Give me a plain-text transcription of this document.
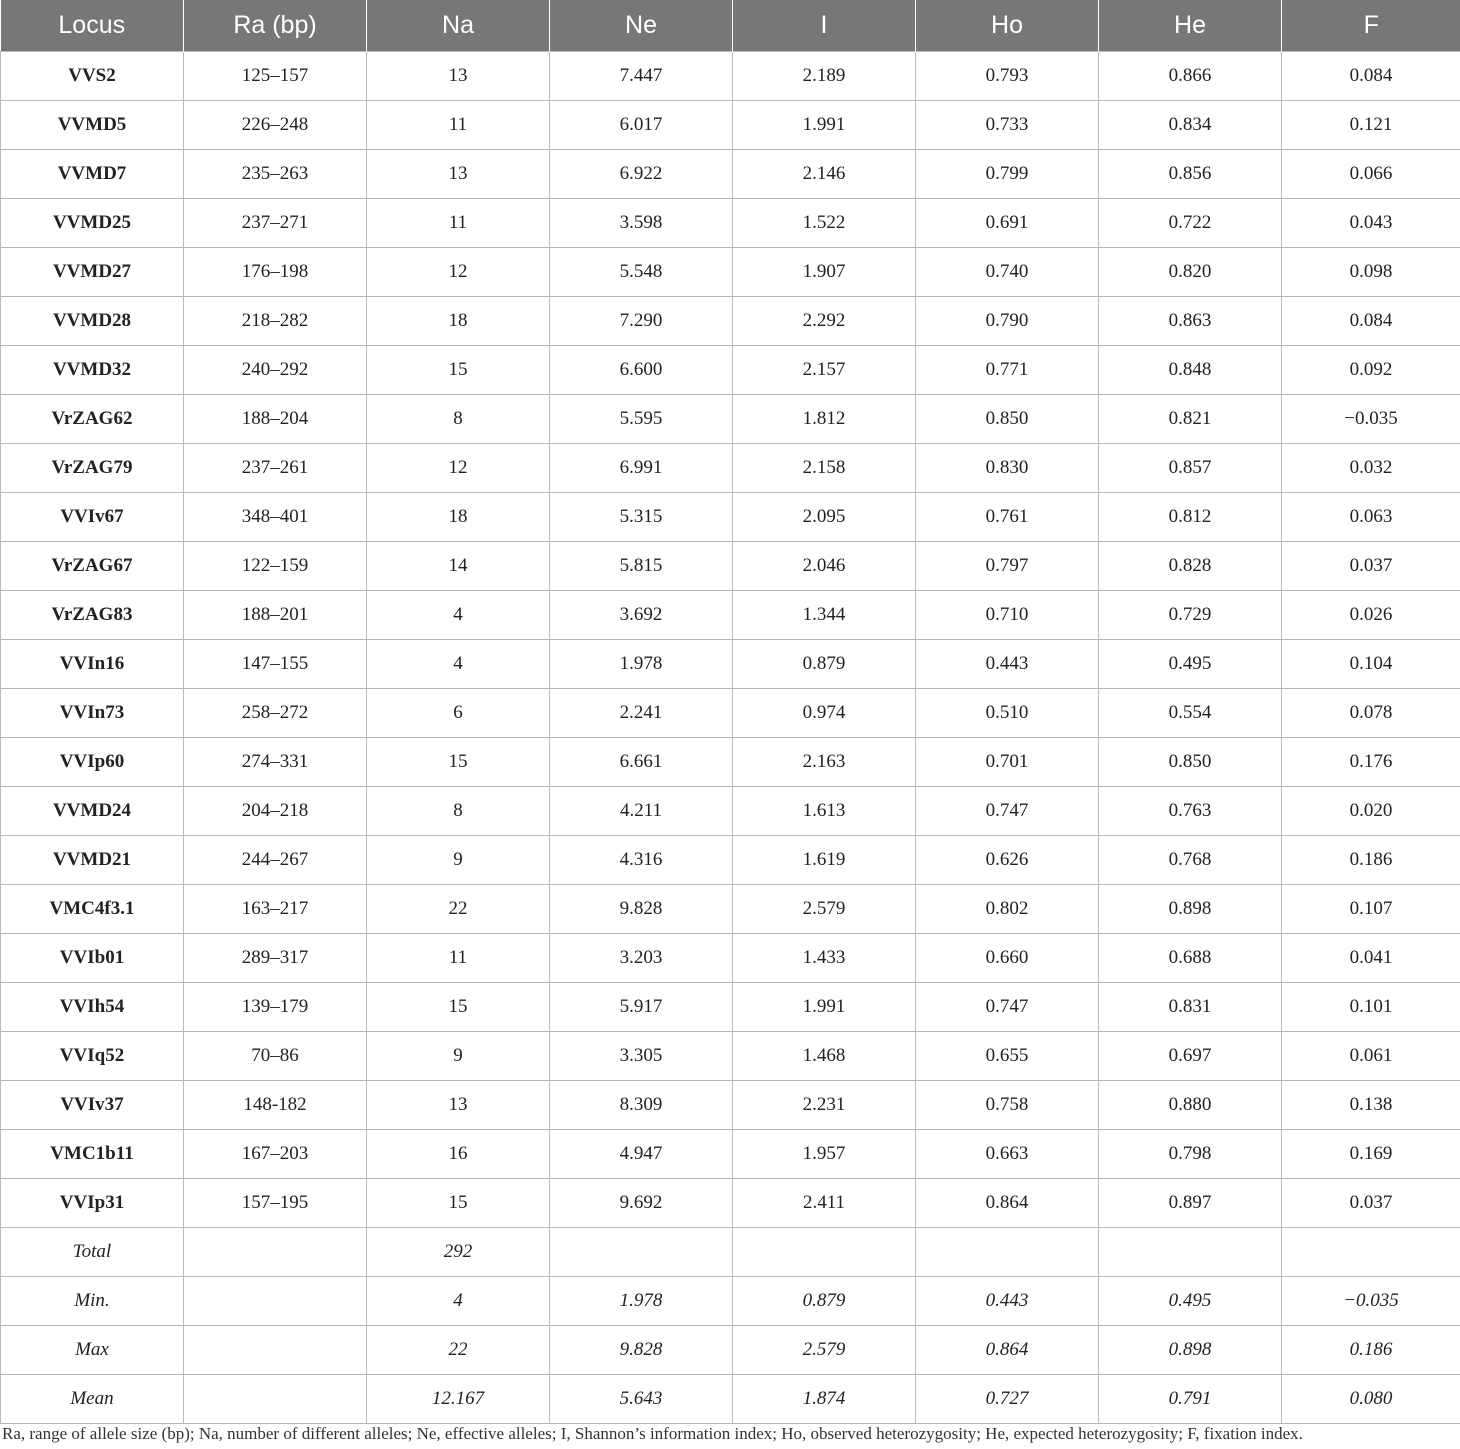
Locus	Ra (bp)	Na	Ne	I	Ho	He	F
VVS2	125–157	13	7.447	2.189	0.793	0.866	0.084
VVMD5	226–248	11	6.017	1.991	0.733	0.834	0.121
VVMD7	235–263	13	6.922	2.146	0.799	0.856	0.066
VVMD25	237–271	11	3.598	1.522	0.691	0.722	0.043
VVMD27	176–198	12	5.548	1.907	0.740	0.820	0.098
VVMD28	218–282	18	7.290	2.292	0.790	0.863	0.084
VVMD32	240–292	15	6.600	2.157	0.771	0.848	0.092
VrZAG62	188–204	8	5.595	1.812	0.850	0.821	−0.035
VrZAG79	237–261	12	6.991	2.158	0.830	0.857	0.032
VVIv67	348–401	18	5.315	2.095	0.761	0.812	0.063
VrZAG67	122–159	14	5.815	2.046	0.797	0.828	0.037
VrZAG83	188–201	4	3.692	1.344	0.710	0.729	0.026
VVIn16	147–155	4	1.978	0.879	0.443	0.495	0.104
VVIn73	258–272	6	2.241	0.974	0.510	0.554	0.078
VVIp60	274–331	15	6.661	2.163	0.701	0.850	0.176
VVMD24	204–218	8	4.211	1.613	0.747	0.763	0.020
VVMD21	244–267	9	4.316	1.619	0.626	0.768	0.186
VMC4f3.1	163–217	22	9.828	2.579	0.802	0.898	0.107
VVIb01	289–317	11	3.203	1.433	0.660	0.688	0.041
VVIh54	139–179	15	5.917	1.991	0.747	0.831	0.101
VVIq52	70–86	9	3.305	1.468	0.655	0.697	0.061
VVIv37	148-182	13	8.309	2.231	0.758	0.880	0.138
VMC1b11	167–203	16	4.947	1.957	0.663	0.798	0.169
VVIp31	157–195	15	9.692	2.411	0.864	0.897	0.037
Total		292					
Min.		4	1.978	0.879	0.443	0.495	−0.035
Max		22	9.828	2.579	0.864	0.898	0.186
Mean		12.167	5.643	1.874	0.727	0.791	0.080
Ra, range of allele size (bp); Na, number of different alleles; Ne, effective alleles; I, Shannon’s information index; Ho, observed heterozygosity; He, expected heterozygosity; F, fixation index.
